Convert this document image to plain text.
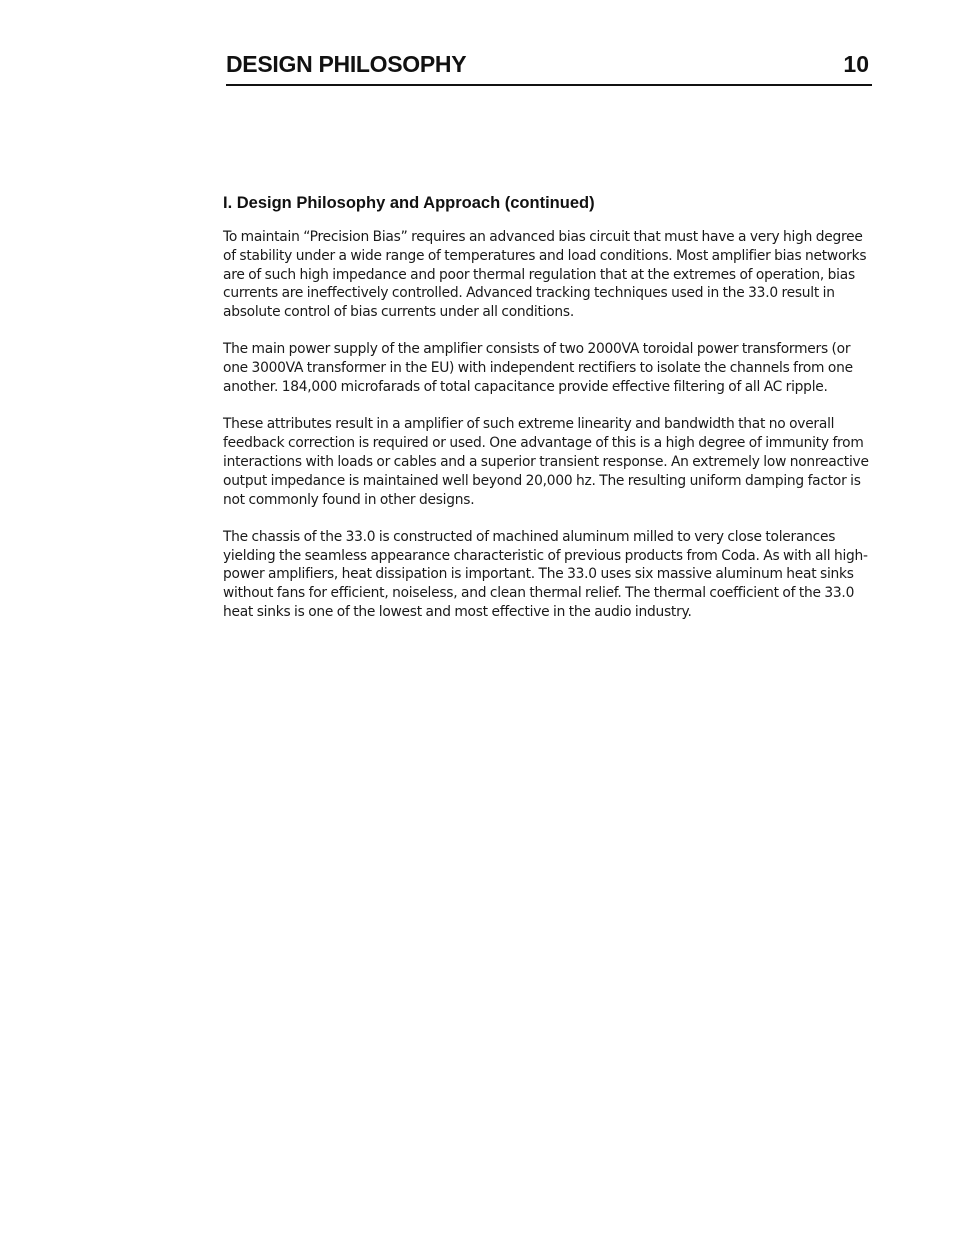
DESIGN PHILOSOPHY	10
I. Design Philosophy and Approach (continued)

To maintain “Precision Bias” requires an advanced bias circuit that must have a very high degree of stability under a wide range of temperatures and load conditions. Most amplifier bias networks are of such high impedance and poor thermal regulation that at the extremes of operation, bias currents are ineffectively controlled. Advanced tracking techniques used in the 33.0 result in absolute control of bias currents under all conditions.

The main power supply of the amplifier consists of two 2000VA toroidal power transformers (or one 3000VA transformer in the EU) with independent rectifiers to isolate the channels from one another. 184,000 microfarads of total capacitance provide effective filtering of all AC ripple.

These attributes result in a amplifier of such extreme linearity and bandwidth that no overall feedback correction is required or used. One advantage of this is a high degree of immunity from interactions with loads or cables and a superior transient response. An extremely low nonreactive output impedance is maintained well beyond 20,000 hz. The resulting uniform damping factor is not commonly found in other designs.

The chassis of the 33.0 is constructed of machined aluminum milled to very close tolerances yielding the seamless appearance characteristic of previous products from Coda. As with all high-power amplifiers, heat dissipation is important. The 33.0 uses six massive aluminum heat sinks without fans for efficient, noiseless, and clean thermal relief. The thermal coefficient of the 33.0 heat sinks is one of the lowest and most effective in the audio industry.
